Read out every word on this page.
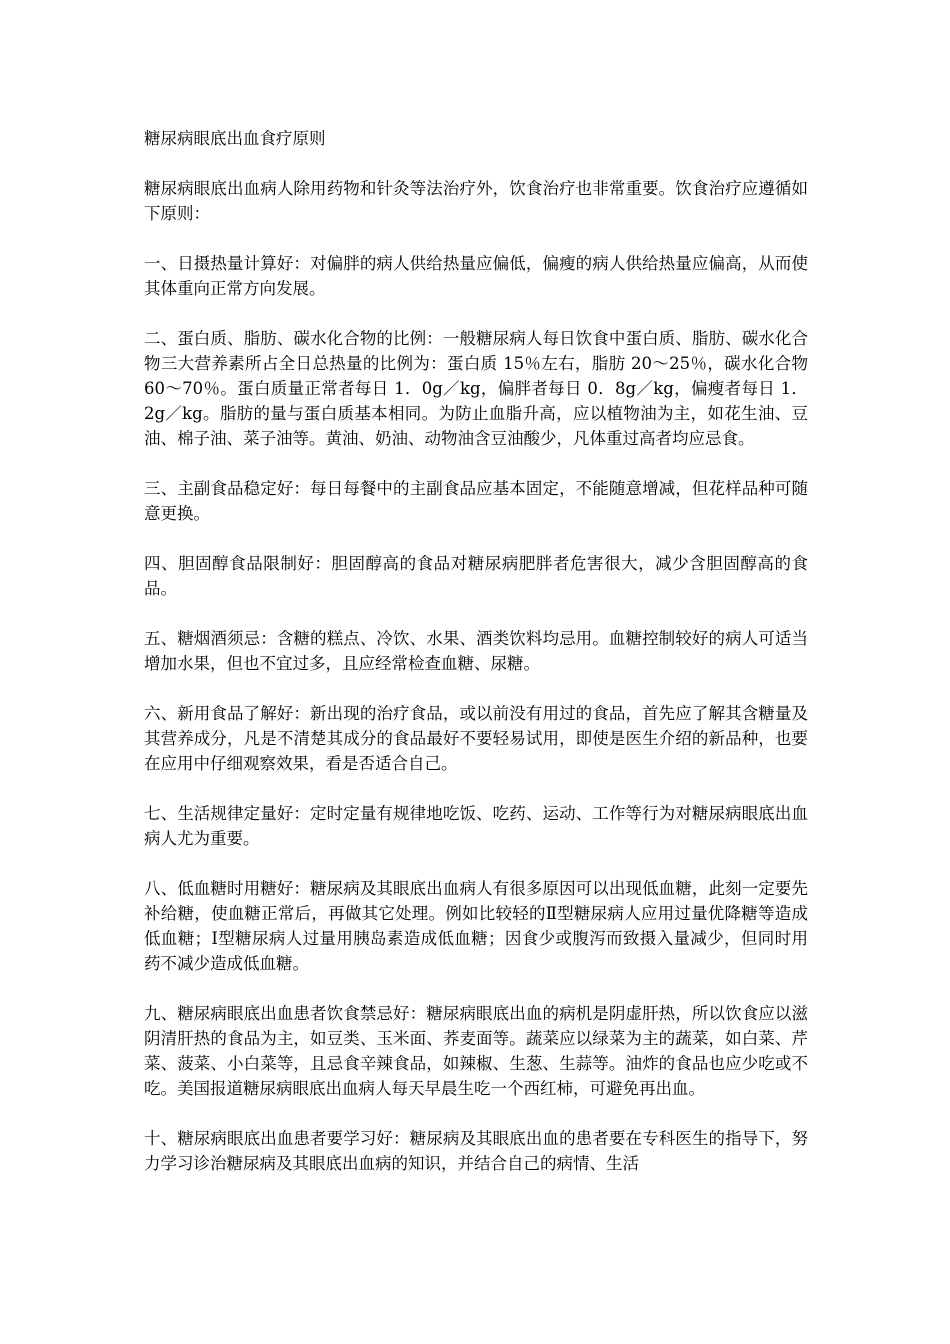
糖尿病眼底出血食疗原则
糖尿病眼底出血病人除用药物和针灸等法治疗外，饮食治疗也非常重要。饮食治疗应遵循如下原则：
一、日摄热量计算好：对偏胖的病人供给热量应偏低，偏瘦的病人供给热量应偏高，从而使其体重向正常方向发展。
二、蛋白质、脂肪、碳水化合物的比例：一般糖尿病人每日饮食中蛋白质、脂肪、碳水化合物三大营养素所占全日总热量的比例为：蛋白质 15％左右，脂肪 20～25％，碳水化合物 60～70％。蛋白质量正常者每日 1．0g／kg，偏胖者每日 0．8g／kg，偏瘦者每日 1．2g／kg。脂肪的量与蛋白质基本相同。为防止血脂升高，应以植物油为主，如花生油、豆油、棉子油、菜子油等。黄油、奶油、动物油含豆油酸少，凡体重过高者均应忌食。
三、主副食品稳定好：每日每餐中的主副食品应基本固定，不能随意增减，但花样品种可随意更换。
四、胆固醇食品限制好：胆固醇高的食品对糖尿病肥胖者危害很大，减少含胆固醇高的食品。
五、糖烟酒须忌：含糖的糕点、冷饮、水果、酒类饮料均忌用。血糖控制较好的病人可适当增加水果，但也不宜过多，且应经常检查血糖、尿糖。
六、新用食品了解好：新出现的治疗食品，或以前没有用过的食品，首先应了解其含糖量及其营养成分，凡是不清楚其成分的食品最好不要轻易试用，即使是医生介绍的新品种，也要在应用中仔细观察效果，看是否适合自己。
七、生活规律定量好：定时定量有规律地吃饭、吃药、运动、工作等行为对糖尿病眼底出血病人尤为重要。
八、低血糖时用糖好：糖尿病及其眼底出血病人有很多原因可以出现低血糖，此刻一定要先补给糖，使血糖正常后，再做其它处理。例如比较轻的Ⅱ型糖尿病人应用过量优降糖等造成低血糖；Ⅰ型糖尿病人过量用胰岛素造成低血糖；因食少或腹泻而致摄入量减少，但同时用药不减少造成低血糖。
九、糖尿病眼底出血患者饮食禁忌好：糖尿病眼底出血的病机是阴虚肝热，所以饮食应以滋阴清肝热的食品为主，如豆类、玉米面、荞麦面等。蔬菜应以绿菜为主的蔬菜，如白菜、芹菜、菠菜、小白菜等，且忌食辛辣食品，如辣椒、生葱、生蒜等。油炸的食品也应少吃或不吃。美国报道糖尿病眼底出血病人每天早晨生吃一个西红柿，可避免再出血。
十、糖尿病眼底出血患者要学习好：糖尿病及其眼底出血的患者要在专科医生的指导下，努力学习诊治糖尿病及其眼底出血病的知识，并结合自己的病情、生活
